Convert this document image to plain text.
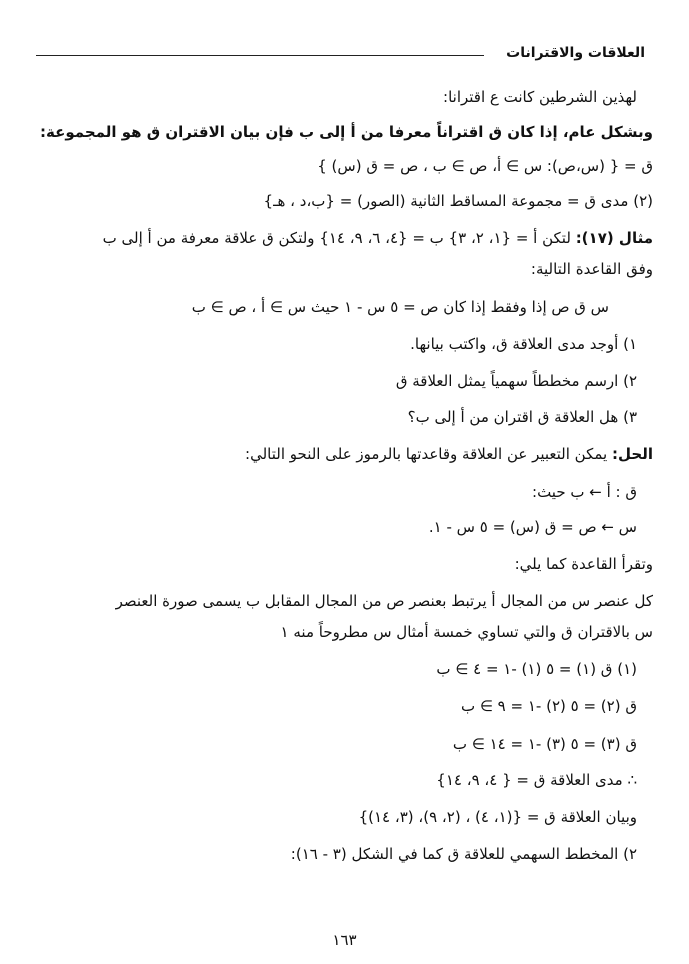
العلاقات والاقترانات
لهذين الشرطين كانت ع اقترانا:
وبشكل عام، إذا كان ق اقتراناً معرفا من أ إلى ب فإن بيان الاقتران ق هو المجموعة:
ق = { (س،ص): س ∋ أ، ص ∋ ب ، ص = ق (س) }
(٢) مدى ق = مجموعة المساقط الثانية (الصور) = {ب،د ، هـ}
مثال (١٧): لتكن أ = {١، ٢، ٣} ب = {٤، ٦، ٩، ١٤} ولتكن ق علاقة معرفة من أ إلى ب
وفق القاعدة التالية:
س ق ص إذا وفقط إذا كان ص = ٥ س - ١ حيث س ∋ أ ، ص ∋ ب
١) أوجد مدى العلاقة ق، واكتب بيانها.
٢) ارسم مخططاً سهمياً يمثل العلاقة ق
٣) هل العلاقة ق اقتران من أ إلى ب؟
الحل: يمكن التعبير عن العلاقة وقاعدتها بالرموز على النحو التالي:
ق : أ ← ب حيث:
س ← ص = ق (س) = ٥ س - ١.
وتقرأ القاعدة كما يلي:
كل عنصر س من المجال أ يرتبط بعنصر ص من المجال المقابل ب يسمى صورة العنصر
س بالاقتران ق والتي تساوي خمسة أمثال س مطروحاً منه ١
(١) ق (١) = ٥ (١) -١ = ٤ ∋ ب
ق (٢) = ٥ (٢) -١ = ٩ ∋ ب
ق (٣) = ٥ (٣) -١ = ١٤ ∋ ب
∴ مدى العلاقة ق = { ٤، ٩، ١٤}
وبيان العلاقة ق = {(١، ٤) ، (٢، ٩)، (٣، ١٤)}
٢) المخطط السهمي للعلاقة ق كما في الشكل (٣ - ١٦):
١٦٣
